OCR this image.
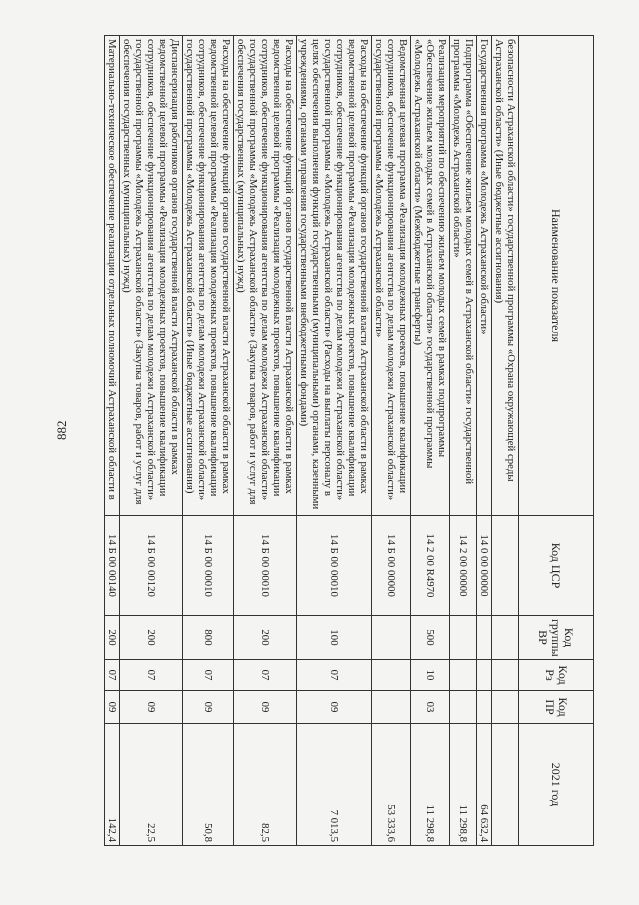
882
Наименование показателя	Код ЦСР	Код группы ВР	Код Рз	Код ПР	2021 год
безопасности Астраханской области» государственной программы «Охрана окружающей среды Астраханской области» (Иные бюджетные ассигнования)					
Государственная программа «Молодежь Астраханской области»	14 0 00 00000				64 632,4
Подпрограмма «Обеспечение жильем молодых семей в Астраханской области» государственной программы «Молодежь Астраханской области»	14 2 00 00000				11 298,8
Реализация мероприятий по обеспечению жильем молодых семей в рамках подпрограммы «Обеспечение жильем молодых семей в Астраханской области» государственной программы «Молодежь Астраханской области» (Межбюджетные трансферты)	14 2 00 R4970	500	10	03	11 298,8
Ведомственная целевая программа «Реализация молодежных проектов, повышение квалификации сотрудников, обеспечение функционирования агентства по делам молодежи Астраханской области» государственной программы «Молодежь Астраханской области»	14 Б 00 00000				53 333,6
Расходы на обеспечение функций органов государственной власти Астраханской области в рамках ведомственной целевой программы «Реализация молодежных проектов, повышение квалификации сотрудников, обеспечение функционирования агентства по делам молодежи Астраханской области» государственной программы «Молодежь Астраханской области» (Расходы на выплаты персоналу в целях обеспечения выполнения функций государственными (муниципальными) органами, казенными учреждениями, органами управления государственными внебюджетными фондами)	14 Б 00 00010	100	07	09	7 013,5
Расходы на обеспечение функций органов государственной власти Астраханской области в рамках ведомственной целевой программы «Реализация молодежных проектов, повышение квалификации сотрудников, обеспечение функционирования агентства по делам молодежи Астраханской области» государственной программы «Молодежь Астраханской области» (Закупка товаров, работ и услуг для обеспечения государственных (муниципальных) нужд)	14 Б 00 00010	200	07	09	82,5
Расходы на обеспечение функций органов государственной власти Астраханской области в рамках ведомственной целевой программы «Реализация молодежных проектов, повышение квалификации сотрудников, обеспечение функционирования агентства по делам молодежи Астраханской области» государственной программы «Молодежь Астраханской области» (Иные бюджетные ассигнования)	14 Б 00 00010	800	07	09	50,8
Диспансеризация работников органов государственной власти Астраханской области в рамках ведомственной целевой программы «Реализация молодежных проектов, повышение квалификации сотрудников, обеспечение функционирования агентства по делам молодежи Астраханской области» государственной программы «Молодежь Астраханской области» (Закупка товаров, работ и услуг для обеспечения государственных (муниципальных) нужд)	14 Б 00 00120	200	07	09	22,5
Материально-техническое обеспечение реализации отдельных полномочий Астраханской области в	14 Б 00 00140	200	07	09	142,4
